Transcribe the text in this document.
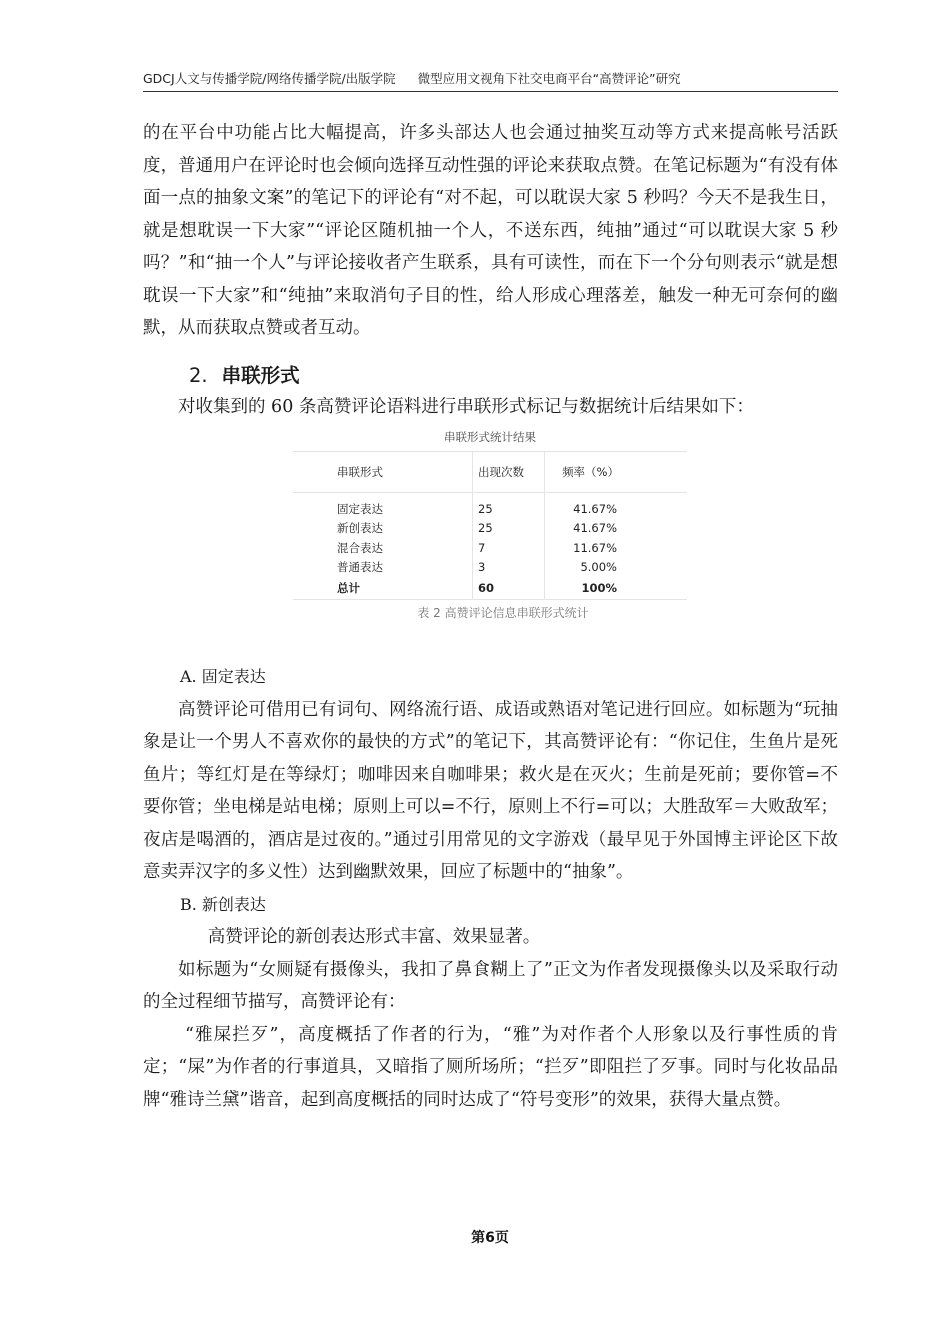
GDCJ人文与传播学院/网络传播学院/出版学院 微型应用文视角下社交电商平台“高赞评论”研究

的在平台中功能占比大幅提高，许多头部达人也会通过抽奖互动等方式来提高帐号活跃度，普通用户在评论时也会倾向选择互动性强的评论来获取点赞。在笔记标题为“有没有体面一点的抽象文案”的笔记下的评论有“对不起，可以耽误大家 5 秒吗？今天不是我生日，就是想耽误一下大家”“评论区随机抽一个人，不送东西，纯抽”通过“可以耽误大家 5 秒吗？”和“抽一个人”与评论接收者产生联系，具有可读性，而在下一个分句则表示“就是想耽误一下大家”和“纯抽”来取消句子目的性，给人形成心理落差，触发一种无可奈何的幽默，从而获取点赞或者互动。

2. 串联形式

对收集到的 60 条高赞评论语料进行串联形式标记与数据统计后结果如下：

串联形式统计结果
串联形式	出现次数	频率（%）
固定表达	25	41.67%
新创表达	25	41.67%
混合表达	7	11.67%
普通表达	3	5.00%
总计	60	100%
表 2 高赞评论信息串联形式统计

A. 固定表达

高赞评论可借用已有词句、网络流行语、成语或熟语对笔记进行回应。如标题为“玩抽象是让一个男人不喜欢你的最快的方式”的笔记下，其高赞评论有：“你记住，生鱼片是死鱼片；等红灯是在等绿灯；咖啡因来自咖啡果；救火是在灭火；生前是死前；要你管=不要你管；坐电梯是站电梯；原则上可以=不行，原则上不行=可以；大胜敌军＝大败敌军；夜店是喝酒的，酒店是过夜的。”通过引用常见的文字游戏（最早见于外国博主评论区下故意卖弄汉字的多义性）达到幽默效果，回应了标题中的“抽象”。

B. 新创表达

高赞评论的新创表达形式丰富、效果显著。

如标题为“女厕疑有摄像头，我扣了鼻食糊上了”正文为作者发现摄像头以及采取行动的全过程细节描写，高赞评论有：

“雅屎拦歹”，高度概括了作者的行为，“雅”为对作者个人形象以及行事性质的肯定；“屎”为作者的行事道具，又暗指了厕所场所；“拦歹”即阻拦了歹事。同时与化妆品品牌“雅诗兰黛”谐音，起到高度概括的同时达成了“符号变形”的效果，获得大量点赞。

第6页
